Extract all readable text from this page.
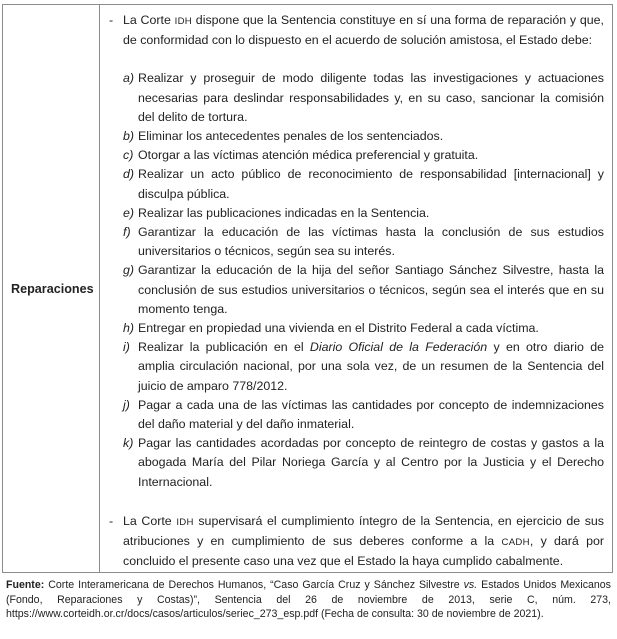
Reparaciones
- La Corte IDH dispone que la Sentencia constituye en sí una forma de reparación y que, de conformidad con lo dispuesto en el acuerdo de solución amistosa, el Estado debe:
a) Realizar y proseguir de modo diligente todas las investigaciones y actuaciones necesarias para deslindar responsabilidades y, en su caso, sancionar la comisión del delito de tortura.
b) Eliminar los antecedentes penales de los sentenciados.
c) Otorgar a las víctimas atención médica preferencial y gratuita.
d) Realizar un acto público de reconocimiento de responsabilidad [internacional] y disculpa pública.
e) Realizar las publicaciones indicadas en la Sentencia.
f) Garantizar la educación de las víctimas hasta la conclusión de sus estudios universitarios o técnicos, según sea su interés.
g) Garantizar la educación de la hija del señor Santiago Sánchez Silvestre, hasta la conclusión de sus estudios universitarios o técnicos, según sea el interés que en su momento tenga.
h) Entregar en propiedad una vivienda en el Distrito Federal a cada víctima.
i) Realizar la publicación en el Diario Oficial de la Federación y en otro diario de amplia circulación nacional, por una sola vez, de un resumen de la Sentencia del juicio de amparo 778/2012.
j) Pagar a cada una de las víctimas las cantidades por concepto de indemnizaciones del daño material y del daño inmaterial.
k) Pagar las cantidades acordadas por concepto de reintegro de costas y gastos a la abogada María del Pilar Noriega García y al Centro por la Justicia y el Derecho Internacional.
- La Corte IDH supervisará el cumplimiento íntegro de la Sentencia, en ejercicio de sus atribuciones y en cumplimiento de sus deberes conforme a la CADH, y dará por concluido el presente caso una vez que el Estado la haya cumplido cabalmente.
Fuente: Corte Interamericana de Derechos Humanos, “Caso García Cruz y Sánchez Silvestre vs. Estados Unidos Mexicanos (Fondo, Reparaciones y Costas)”, Sentencia del 26 de noviembre de 2013, serie C, núm. 273, https://www.corteidh.or.cr/docs/casos/articulos/seriec_273_esp.pdf (Fecha de consulta: 30 de noviembre de 2021).
